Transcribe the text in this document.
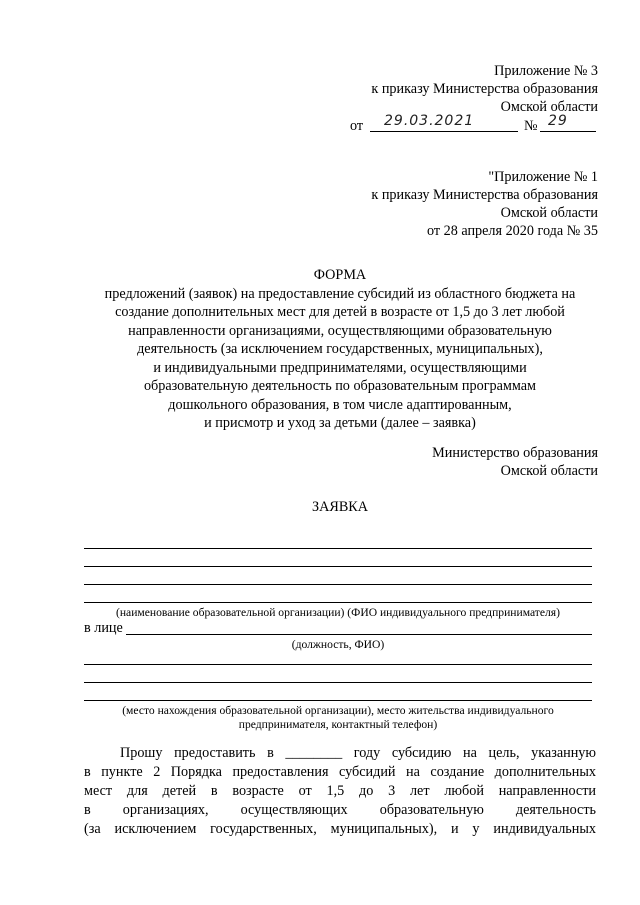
Приложение № 3
к приказу Министерства образования
Омской области
от 29.03.2021	№ 29
"Приложение № 1
к приказу Министерства образования
Омской области
от 28 апреля 2020 года № 35
ФОРМА
предложений (заявок) на предоставление субсидий из областного бюджета на
создание дополнительных мест для детей в возрасте от 1,5 до 3 лет любой
направленности организациями, осуществляющими образовательную
деятельность (за исключением государственных, муниципальных),
и индивидуальными предпринимателями, осуществляющими
образовательную деятельность по образовательным программам
дошкольного образования, в том числе адаптированным,
и присмотр и уход за детьми (далее – заявка)
Министерство образования
Омской области
ЗАЯВКА
(наименование образовательной организации) (ФИО индивидуального предпринимателя)
в лице
(должность, ФИО)
(место нахождения образовательной организации), место жительства индивидуального
предпринимателя, контактный телефон)
Прошу предоставить в ________ году субсидию на цель, указанную
в пункте 2 Порядка предоставления субсидий на создание дополнительных
мест для детей в возрасте от 1,5 до 3 лет любой направленности
в организациях, осуществляющих образовательную деятельность
(за исключением государственных, муниципальных), и у индивидуальных
